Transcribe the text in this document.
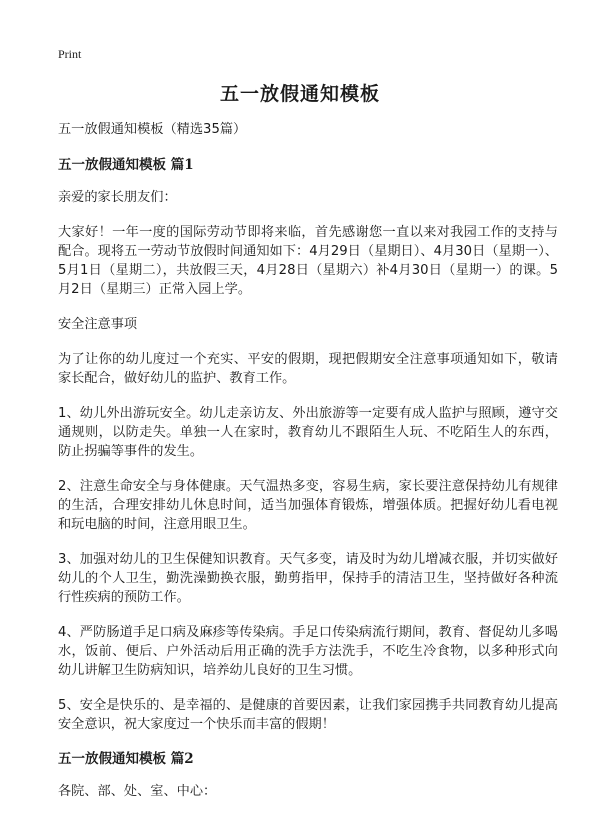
Print
五一放假通知模板

五一放假通知模板（精选35篇）

五一放假通知模板 篇1

亲爱的家长朋友们：

大家好！一年一度的国际劳动节即将来临，首先感谢您一直以来对我园工作的支持与配合。现将五一劳动节放假时间通知如下：4月29日（星期日）、4月30日（星期一）、5月1日（星期二），共放假三天，4月28日（星期六）补4月30日（星期一）的课。5月2日（星期三）正常入园上学。

安全注意事项

为了让你的幼儿度过一个充实、平安的假期，现把假期安全注意事项通知如下，敬请家长配合，做好幼儿的监护、教育工作。

1、幼儿外出游玩安全。幼儿走亲访友、外出旅游等一定要有成人监护与照顾，遵守交通规则，以防走失。单独一人在家时，教育幼儿不跟陌生人玩、不吃陌生人的东西，防止拐骗等事件的发生。

2、注意生命安全与身体健康。天气温热多变，容易生病，家长要注意保持幼儿有规律的生活，合理安排幼儿休息时间，适当加强体育锻炼，增强体质。把握好幼儿看电视和玩电脑的时间，注意用眼卫生。

3、加强对幼儿的卫生保健知识教育。天气多变，请及时为幼儿增减衣服，并切实做好幼儿的个人卫生，勤洗澡勤换衣服，勤剪指甲，保持手的清洁卫生，坚持做好各种流行性疾病的预防工作。

4、严防肠道手足口病及麻疹等传染病。手足口传染病流行期间，教育、督促幼儿多喝水，饭前、便后、户外活动后用正确的洗手方法洗手，不吃生冷食物，以多种形式向幼儿讲解卫生防病知识，培养幼儿良好的卫生习惯。

5、安全是快乐的、是幸福的、是健康的首要因素，让我们家园携手共同教育幼儿提高安全意识，祝大家度过一个快乐而丰富的假期！

五一放假通知模板 篇2

各院、部、处、室、中心：
